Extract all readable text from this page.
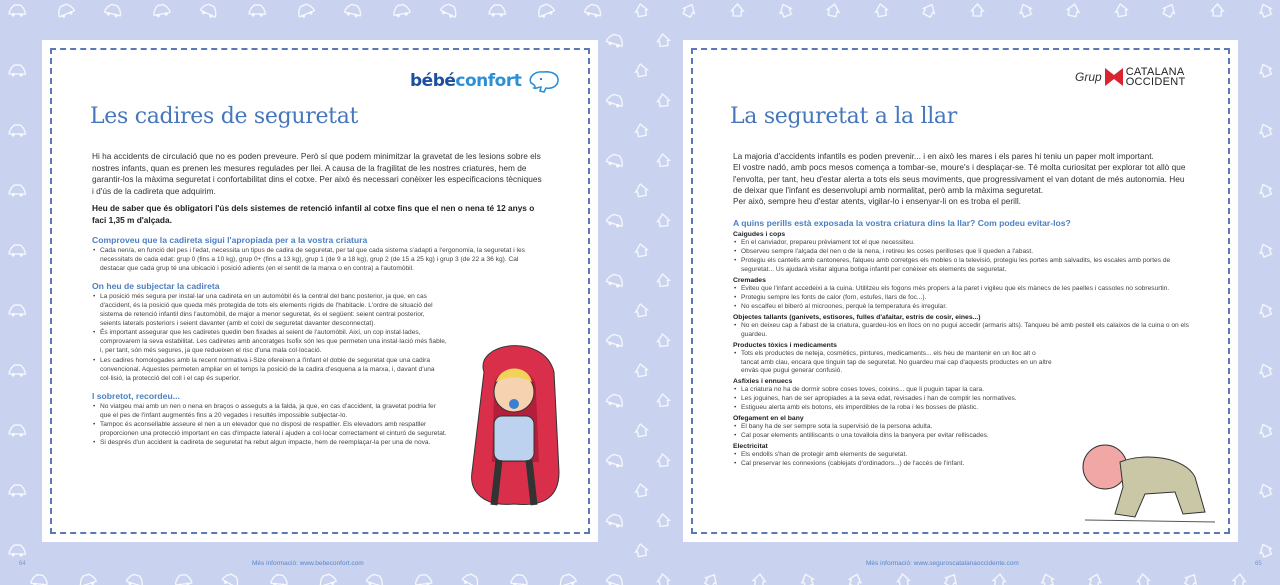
bébéconfort
Les cadires de seguretat

Hi ha accidents de circulació que no es poden preveure. Però sí que podem minimitzar la gravetat de les lesions sobre els nostres infants, quan es prenen les mesures regulades per llei. A causa de la fragilitat de les nostres criatures, hem de garantir-los la màxima seguretat i confortabilitat dins el cotxe. Per això és necessari conèixer les especificacions tècniques i d'ús de la cadireta que adquirim.

Heu de saber que és obligatori l'ús dels sistemes de retenció infantil al cotxe fins que el nen o nena té 12 anys o faci 1,35 m d'alçada.

Comproveu que la cadireta sigui l'apropiada per a la vostra criatura
• Cada nen/a, en funció del pes i l'edat, necessita un tipus de cadira de seguretat, per tal que cada sistema s'adapti a l'ergonomia, la seguretat i les necessitats de cada edat: grup 0 (fins a 10 kg), grup 0+ (fins a 13 kg), grup 1 (de 9 a 18 kg), grup 2 (de 15 a 25 kg) i grup 3 (de 22 a 36 kg). Cal destacar que cada grup té una ubicació i posició adients (en el sentit de la marxa o en contra) a l'automòbil.
On heu de subjectar la cadireta
• La posició més segura per instal·lar una cadireta en un automòbil és la central del banc posterior, ja que, en cas d'accident, és la posició que queda més protegida de tots els elements rígids de l'habitacle. L'ordre de situació del sistema de retenció infantil dins l'automòbil, de major a menor seguretat, és el següent: seient central posterior, seients laterals posteriors i seient davanter (amb el coixí de seguretat davanter desconnectat).
• És important assegurar que les cadiretes quedin ben fixades al seient de l'automòbil. Així, un cop instal·lades, comprovarem la seva estabilitat. Les cadiretes amb ancoratges Isofix són les que permeten una instal·lació més fiable, i, per tant, són més segures, ja que redueixen el risc d'una mala col·locació.
• Les cadires homologades amb la recent normativa i-Size ofereixen a l'infant el doble de seguretat que una cadira convencional. Aquestes permeten ampliar en el temps la posició de la cadira d'esquena a la marxa, i, davant d'una col·lisió, la protecció del coll i el cap és superior.
I sobretot, recordeu...
• No viatgeu mai amb un nen o nena en braços o asseguts a la falda, ja que, en cas d'accident, la gravetat podria fer que el pes de l'infant augmentés fins a 20 vegades i resultés impossible subjectar-lo.
• Tampoc és aconsellable asseure el nen a un elevador que no disposi de respatller. Els elevadors amb respatller proporcionen una protecció important en cas d'impacte lateral i ajuden a col·locar correctament el cinturó de seguretat.
• Si després d'un accident la cadireta de seguretat ha rebut algun impacte, hem de reemplaçar-la per una de nova.
Grup CATALANA
OCCIDENT
La seguretat a la llar

La majoria d'accidents infantils es poden prevenir... i en això les mares i els pares hi teniu un paper molt important.

El vostre nadó, amb pocs mesos comença a tombar-se, moure's i desplaçar-se. Té molta curiositat per explorar tot allò que l'envolta, per tant, heu d'estar alerta a tots els seus moviments, que progressivament el van dotant de més autonomia. Heu de deixar que l'infant es desenvolupi amb normalitat, però amb la màxima seguretat.

Per això, sempre heu d'estar atents, vigilar-lo i ensenyar-li on es troba el perill.

A quins perills està exposada la vostra criatura dins la llar? Com podeu evitar-los?
Caigudes i cops
• En el canviador, prepareu prèviament tot el que necessiteu.
• Observeu sempre l'alçada del nen o de la nena, i retireu les coses perilloses que li queden a l'abast.
• Protegiu els cantells amb cantoneres, falqueu amb corretges els mobles o la televisió, protegiu les portes amb salvadits, les escales amb portes de seguretat... Us ajudarà visitar alguna botiga infantil per conèixer els elements de seguretat.
Cremades
• Eviteu que l'infant accedeixi a la cuina. Utilitzeu els fogons més propers a la paret i vigileu que els mànecs de les paelles i cassoles no sobresurtin.
• Protegiu sempre les fonts de calor (forn, estufes, llars de foc...).
• No escalfeu el biberó al microones, perquè la temperatura és irregular.
Objectes tallants (ganivets, estisores, fulles d'afaitar, estris de cosir, eines...)
• No en deixeu cap a l'abast de la criatura, guardeu-los en llocs on no pugui accedir (armaris alts). Tanqueu bé amb pestell els calaixos de la cuina o on els guardeu.
Productes tòxics i medicaments
• Tots els productes de neteja, cosmètics, pintures, medicaments... els heu de mantenir en un lloc alt o tancat amb clau, encara que tinguin tap de seguretat. No guardeu mai cap d'aquests productes en un altre envàs que pugui generar confusió.
Asfixies i ennuecs
• La criatura no ha de dormir sobre coses toves, coixins... que li puguin tapar la cara.
• Les joguines, han de ser apropiades a la seva edat, revisades i han de complir les normatives.
• Estigueu alerta amb els botons, els imperdibles de la roba i les bosses de plàstic.
Ofegament en el bany
• El bany ha de ser sempre sota la supervisió de la persona adulta.
• Cal posar elements antilliscants o una tovallola dins la banyera per evitar relliscades.
Electricitat
• Els endolls s'han de protegir amb elements de seguretat.
• Cal preservar les connexions (cablejats d'ordinadors...) de l'accés de l'infant.
64	Més informació: www.bebeconfort.com	Més informació: www.seguroscatalanaoccidente.com	65
